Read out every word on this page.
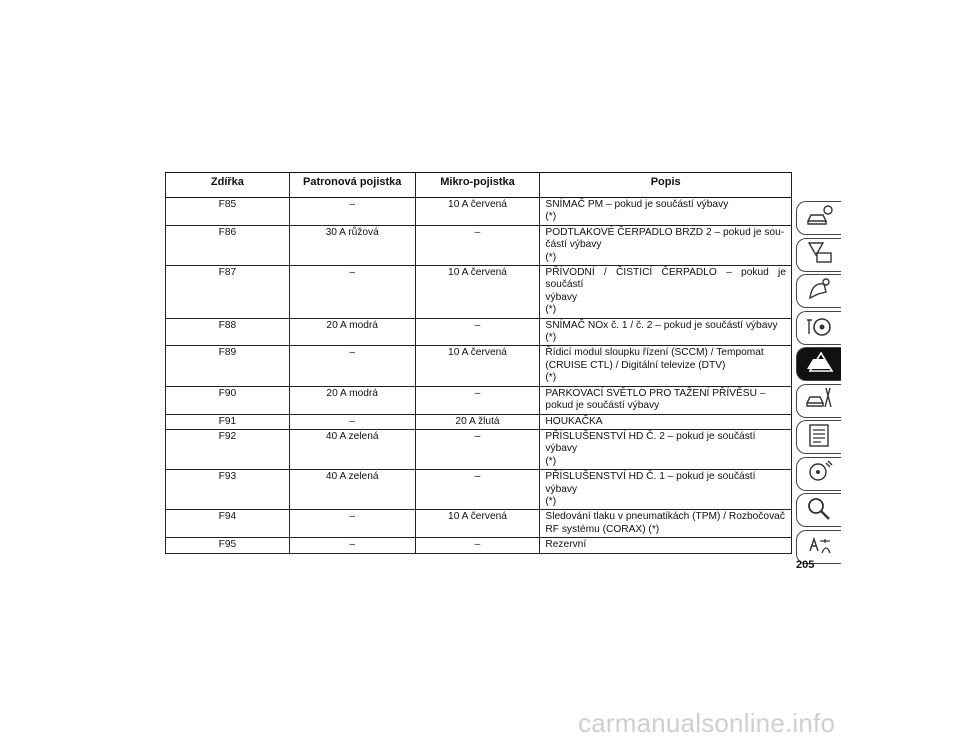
Zdířka	Patronová pojistka	Mikro-pojistka	Popis
F85	–	10 A červená	SNÍMAČ PM – pokud je součástí výbavy
(*)

F86	30 A růžová	–	PODTLAKOVÉ ČERPADLO BRZD 2 – pokud je sou-
částí výbavy
(*)

F87	–	10 A červená	PŘÍVODNÍ / ČISTICÍ ČERPADLO – pokud je součástí
výbavy
(*)

F88	20 A modrá	–	SNÍMAČ NOx č. 1 / č. 2 – pokud je součástí výbavy
(*)

F89	–	10 A červená	Řídicí modul sloupku řízení (SCCM) / Tempomat
(CRUISE CTL) / Digitální televize (DTV)
(*)

F90	20 A modrá	–	PARKOVACÍ SVĚTLO PRO TAŽENÍ PŘÍVĚSU –
pokud je součástí výbavy

F91	–	20 A žlutá	HOUKAČKA

F92	40 A zelená	–	PŘÍSLUŠENSTVÍ HD Č. 2 – pokud je součástí
výbavy
(*)

F93	40 A zelená	–	PŘÍSLUŠENSTVÍ HD Č. 1 – pokud je součástí
výbavy
(*)

F94	–	10 A červená	Sledování tlaku v pneumatikách (TPM) / Rozbočovač
RF systému (CORAX) (*)

F95	–	–	Rezervní
205
carmanualsonline.info
